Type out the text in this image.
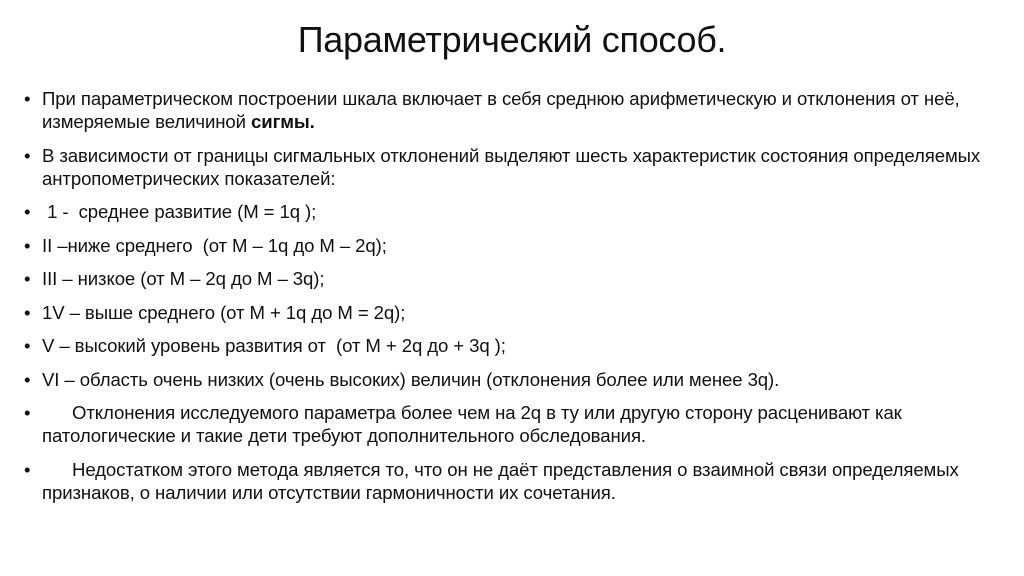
Параметрический способ.
• При параметрическом построении шкала включает в себя среднюю арифметическую и отклонения от неё, измеряемые величиной сигмы.
• В зависимости от границы сигмальных отклонений выделяют шесть характеристик состояния определяемых антропометрических показателей:
• 1 -  среднее развитие (М = 1q );
• II –ниже среднего  (от М – 1q до М – 2q);
• III – низкое (от М – 2q до М – 3q);
• 1V – выше среднего (от М + 1q до М = 2q);
• V – высокий уровень развития от  (от М + 2q до + 3q );
• VI – область очень низких (очень высоких) величин (отклонения более или менее 3q).
• Отклонения исследуемого параметра более чем на 2q в ту или другую сторону расценивают как патологические и такие дети требуют дополнительного обследования.
• Недостатком этого метода является то, что он не даёт представления о взаимной связи определяемых признаков, о наличии или отсутствии гармоничности их сочетания.
